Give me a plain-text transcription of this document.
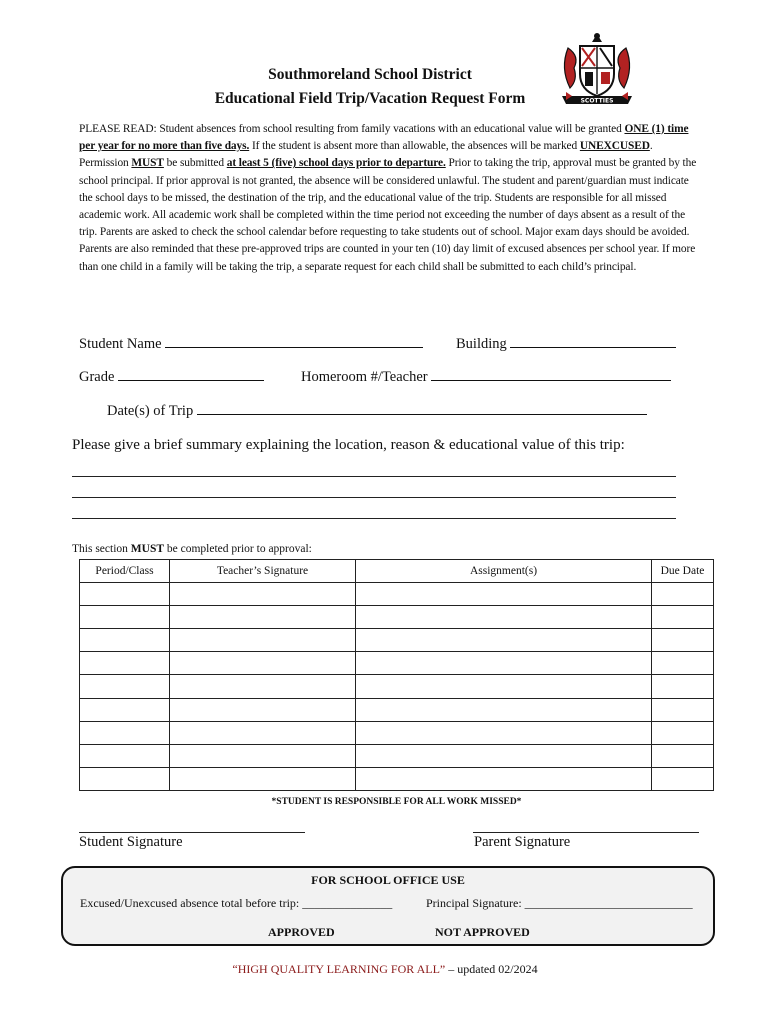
Southmoreland School District
Educational Field Trip/Vacation Request Form	SCOTTIES
PLEASE READ: Student absences from school resulting from family vacations with an educational value will be granted ONE (1) time per year for no more than five days. If the student is absent more than allowable, the absences will be marked UNEXCUSED. Permission MUST be submitted at least 5 (five) school days prior to departure. Prior to taking the trip, approval must be granted by the school principal. If prior approval is not granted, the absence will be considered unlawful. The student and parent/guardian must indicate the school days to be missed, the destination of the trip, and the educational value of the trip. Students are responsible for all missed academic work. All academic work shall be completed within the time period not exceeding the number of days absent as a result of the trip. Parents are asked to check the school calendar before requesting to take students out of school. Major exam days should be avoided. Parents are also reminded that these pre-approved trips are counted in your ten (10) day limit of excused absences per school year. If more than one child in a family will be taking the trip, a separate request for each child shall be submitted to each child’s principal.
Student Name	Building
Grade	Homeroom #/Teacher
Date(s) of Trip
Please give a brief summary explaining the location, reason & educational value of this trip:
This section MUST be completed prior to approval:
Period/Class	Teacher’s Signature	Assignment(s)	Due Date

*STUDENT IS RESPONSIBLE FOR ALL WORK MISSED*
Student Signature	Parent Signature
FOR SCHOOL OFFICE USE
Excused/Unexcused absence total before trip: _______________	Principal Signature: ____________________________
APPROVED	NOT APPROVED
“HIGH QUALITY LEARNING FOR ALL” – updated 02/2024
